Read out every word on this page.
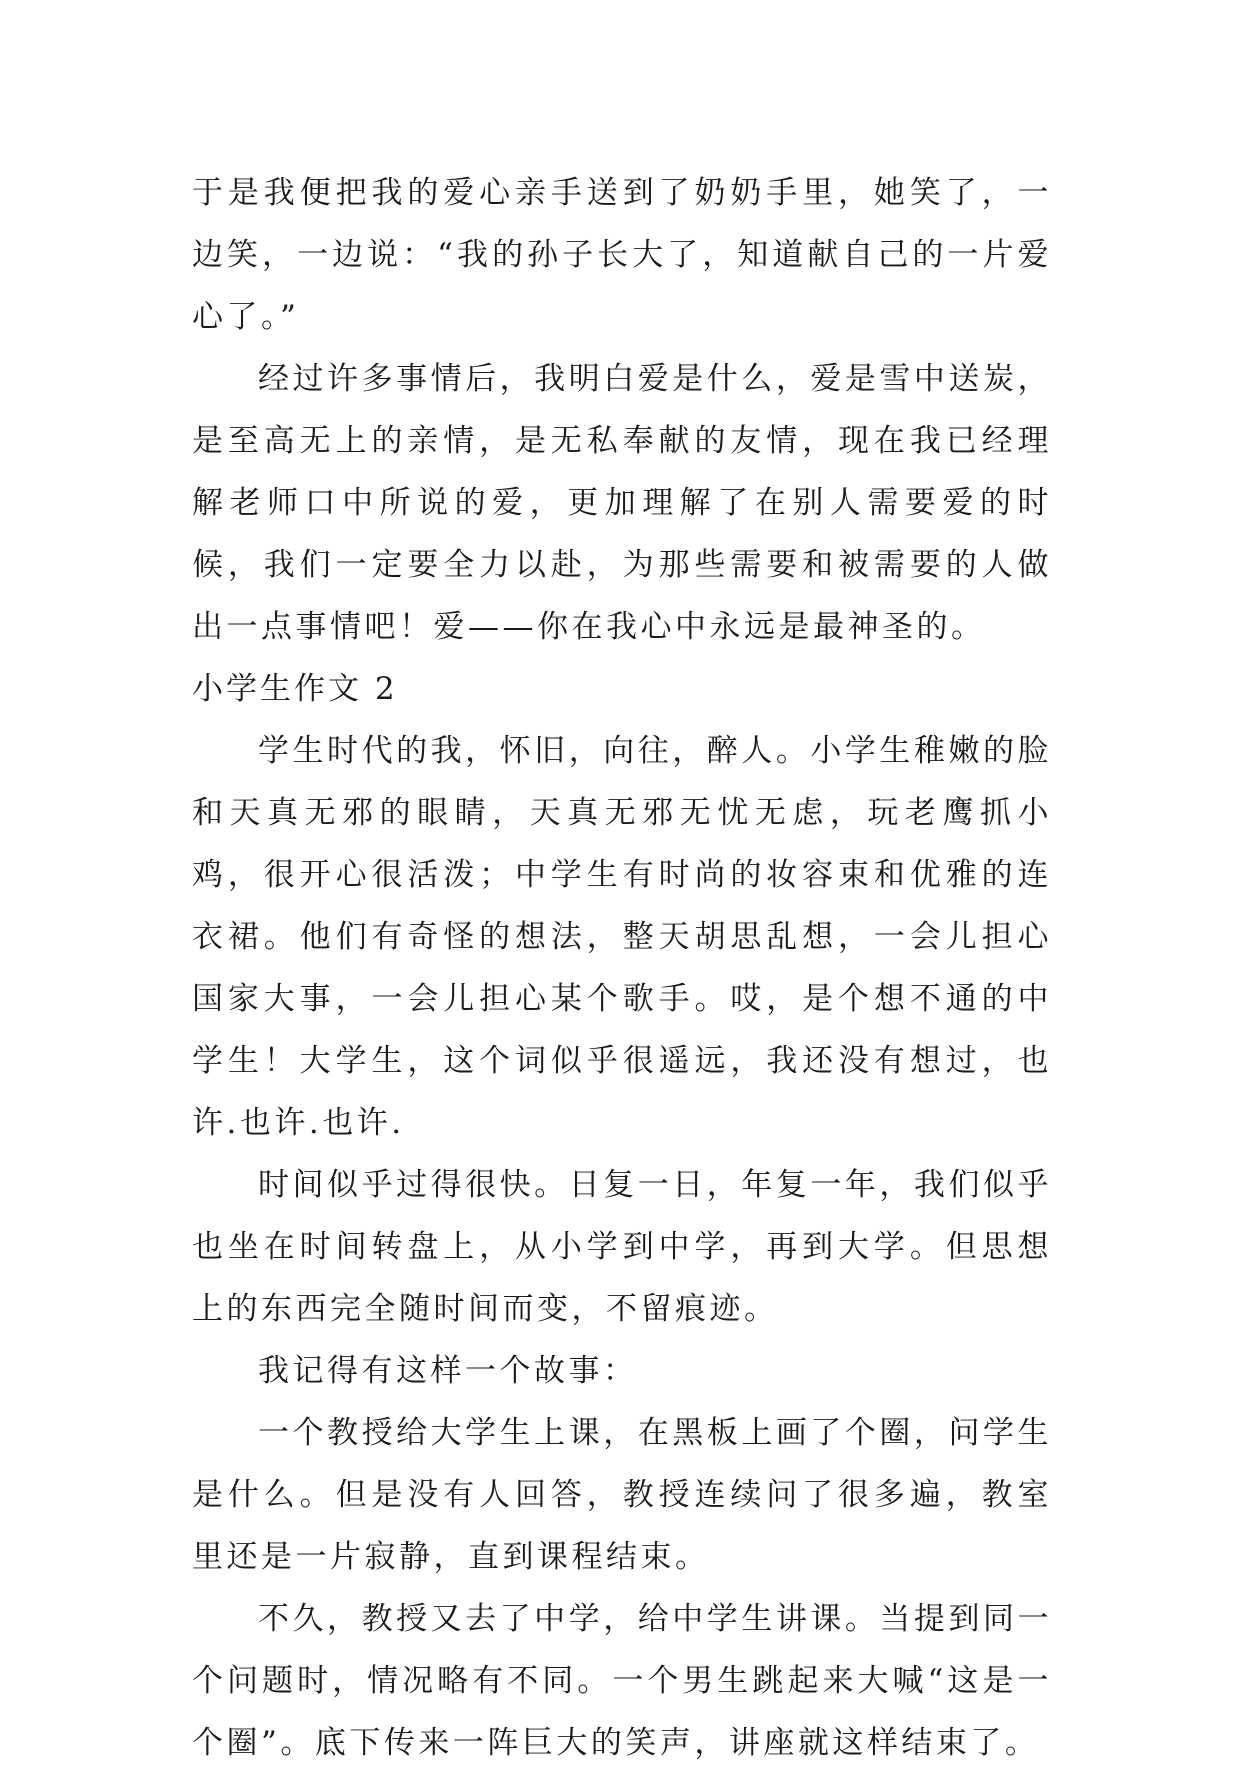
于是我便把我的爱心亲手送到了奶奶手里，她笑了，一边笑，一边说：“我的孙子长大了，知道献自己的一片爱心了。”

经过许多事情后，我明白爱是什么，爱是雪中送炭，是至高无上的亲情，是无私奉献的友情，现在我已经理解老师口中所说的爱，更加理解了在别人需要爱的时候，我们一定要全力以赴，为那些需要和被需要的人做出一点事情吧！爱——你在我心中永远是最神圣的。

小学生作文 2

学生时代的我，怀旧，向往，醉人。小学生稚嫩的脸和天真无邪的眼睛，天真无邪无忧无虑，玩老鹰抓小鸡，很开心很活泼；中学生有时尚的妆容束和优雅的连衣裙。他们有奇怪的想法，整天胡思乱想，一会儿担心国家大事，一会儿担心某个歌手。哎，是个想不通的中学生！大学生，这个词似乎很遥远，我还没有想过，也许.也许.也许.

时间似乎过得很快。日复一日，年复一年，我们似乎也坐在时间转盘上，从小学到中学，再到大学。但思想上的东西完全随时间而变，不留痕迹。

我记得有这样一个故事：

一个教授给大学生上课，在黑板上画了个圈，问学生是什么。但是没有人回答，教授连续问了很多遍，教室里还是一片寂静，直到课程结束。

不久，教授又去了中学，给中学生讲课。当提到同一个问题时，情况略有不同。一个男生跳起来大喊“这是一个圈”。底下传来一阵巨大的笑声，讲座就这样结束了。
